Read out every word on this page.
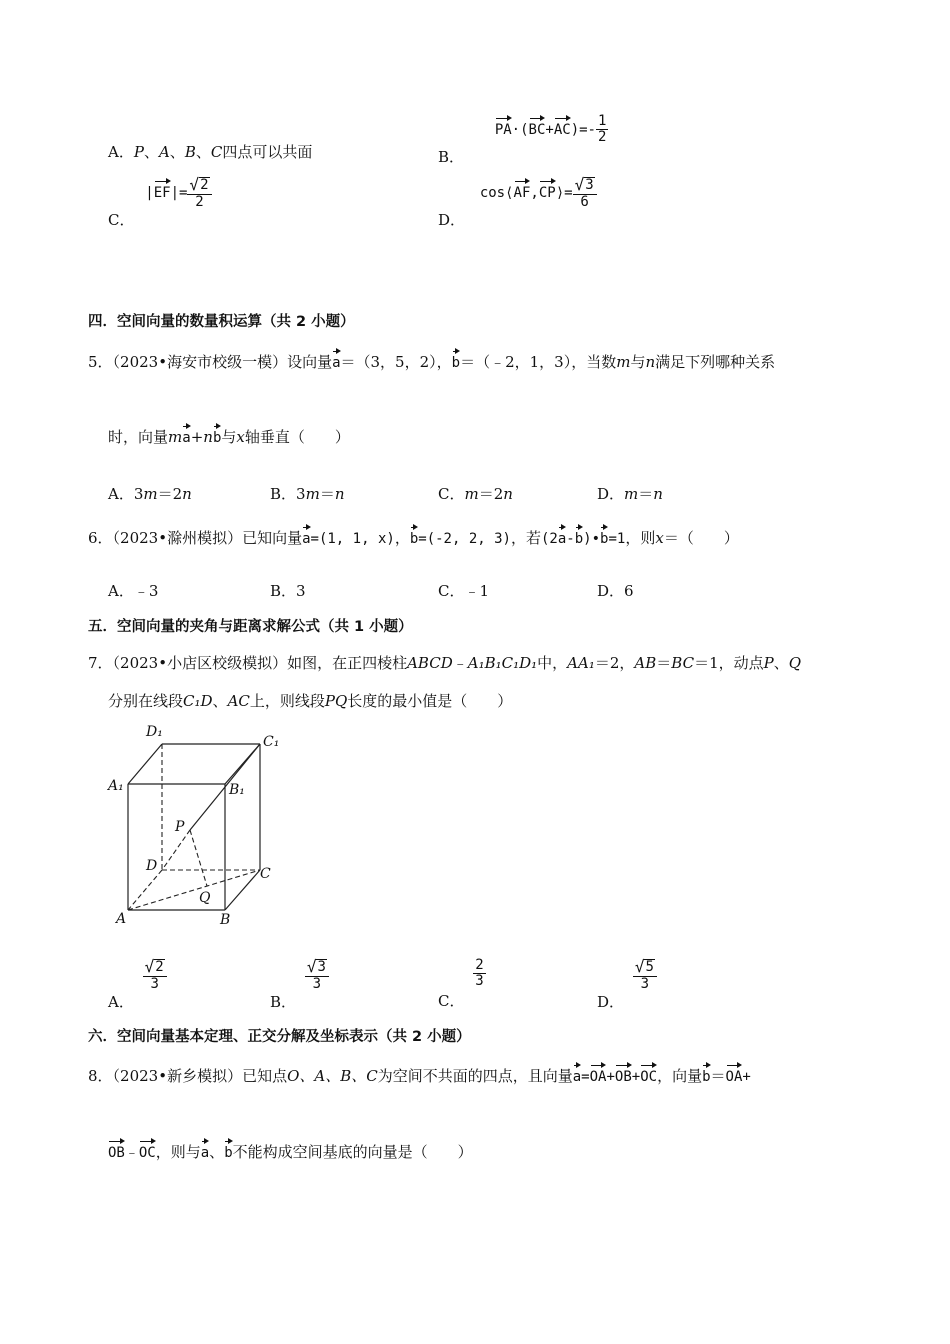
A．P、A、B、C四点可以共面	B． $PA\cdot(BC+AC)=- \frac{1}{2}$
C． $|EF|= \frac{√ 2}{2}$
D． cos⟨AF,CP⟩= $\frac{√ 3}{6}$
四．空间向量的数量积运算（共 2 小题）
5．（2023•海安市校级一模）设向量a＝（3，5，2），b＝（﹣2，1，3），当数m与n满足下列哪种关系
时，向量ma+nb与x轴垂直（　　）
A．3m＝2n	B．3m＝n	C．m＝2n	D．m＝n
6．（2023•滁州模拟）已知向量a=(1, 1, x)，b=(-2, 2, 3)，若(2a-b)•b=1，则x＝（　　）
A．﹣3	B．3	C．﹣1	D．6
五．空间向量的夹角与距离求解公式（共 1 小题）
7．（2023•小店区校级模拟）如图，在正四棱柱ABCD﹣A₁B₁C₁D₁中，AA₁＝2，AB＝BC＝1，动点P、Q
分别在线段C₁D、AC上，则线段PQ长度的最小值是（　　）
D₁
C₁
A₁	B₁
P
D	C
Q
A	B
A．
$\frac{√ 2}{3}$
B．
$\frac{√ 3}{3}$
C．
$\frac{2}{3}$
D．
$\frac{√ 5}{3}$
六．空间向量基本定理、正交分解及坐标表示（共 2 小题）
8．（2023•新乡模拟）已知点O、A、B、C为空间不共面的四点，且向量a=OA+OB+OC，向量b＝OA+
OB﹣OC，则与a、b不能构成空间基底的向量是（　　）
